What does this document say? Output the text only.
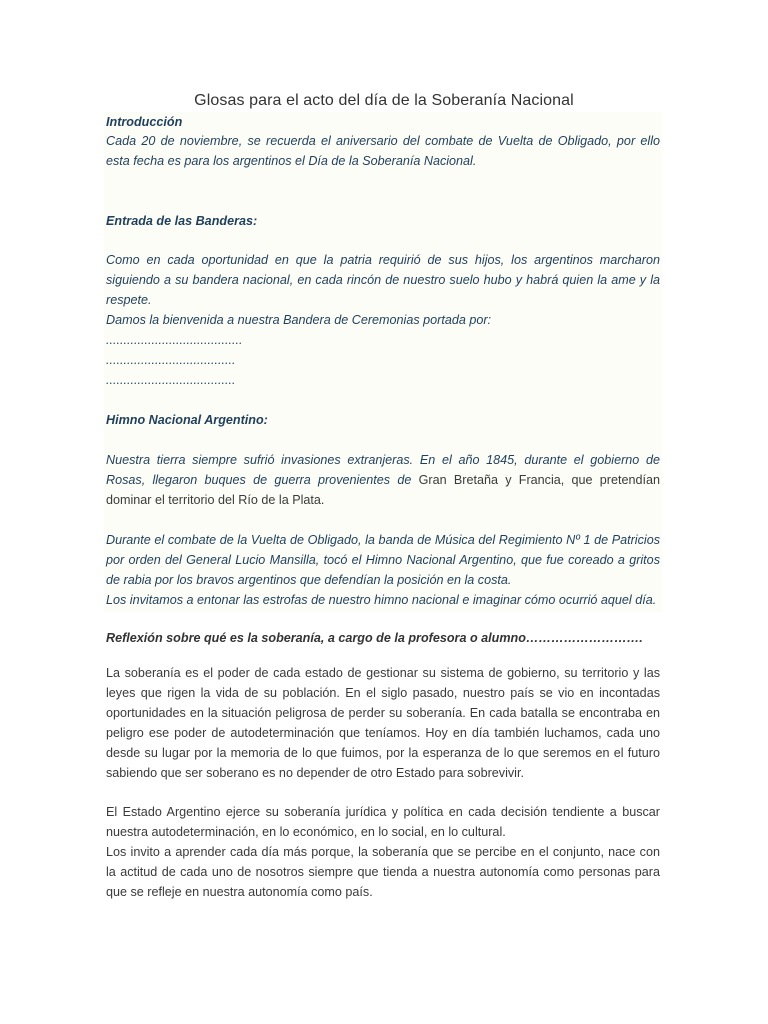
Glosas para el acto del día de la Soberanía Nacional
Introducción
Cada 20 de noviembre, se recuerda el aniversario del combate de Vuelta de Obligado, por ello esta fecha es para los argentinos el Día de la Soberanía Nacional.
Entrada de las Banderas:
Como en cada oportunidad en que la patria requirió de sus hijos, los argentinos marcharon siguiendo a su bandera nacional, en cada rincón de nuestro suelo hubo y habrá quien la ame y la respete.
Damos la bienvenida a nuestra Bandera de Ceremonias portada por:
.......................................
.....................................
.....................................
Himno Nacional Argentino:
Nuestra tierra siempre sufrió invasiones extranjeras. En el año 1845, durante el gobierno de Rosas, llegaron buques de guerra provenientes de Gran Bretaña y Francia, que pretendían dominar el territorio del Río de la Plata.
Durante el combate de la Vuelta de Obligado, la banda de Música del Regimiento Nº 1 de Patricios por orden del General Lucio Mansilla, tocó el Himno Nacional Argentino, que fue coreado a gritos de rabia por los bravos argentinos que defendían la posición en la costa.
Los invitamos a entonar las estrofas de nuestro himno nacional e imaginar cómo ocurrió aquel día.
Reflexión sobre qué es la soberanía, a cargo de la profesora o alumno……………………….
La soberanía es el poder de cada estado de gestionar su sistema de gobierno, su territorio y las leyes que rigen la vida de su población. En el siglo pasado, nuestro país se vio en incontadas oportunidades en la situación peligrosa de perder su soberanía. En cada batalla se encontraba en peligro ese poder de autodeterminación que teníamos. Hoy en día también luchamos, cada uno desde su lugar por la memoria de lo que fuimos, por la esperanza de lo que seremos en el futuro sabiendo que ser soberano es no depender de otro Estado para sobrevivir.
El Estado Argentino ejerce su soberanía jurídica y política en cada decisión tendiente a buscar nuestra autodeterminación, en lo económico, en lo social, en lo cultural.
Los invito a aprender cada día más porque, la soberanía que se percibe en el conjunto, nace con la actitud de cada uno de nosotros siempre que tienda a nuestra autonomía como personas para que se refleje en nuestra autonomía como país.
